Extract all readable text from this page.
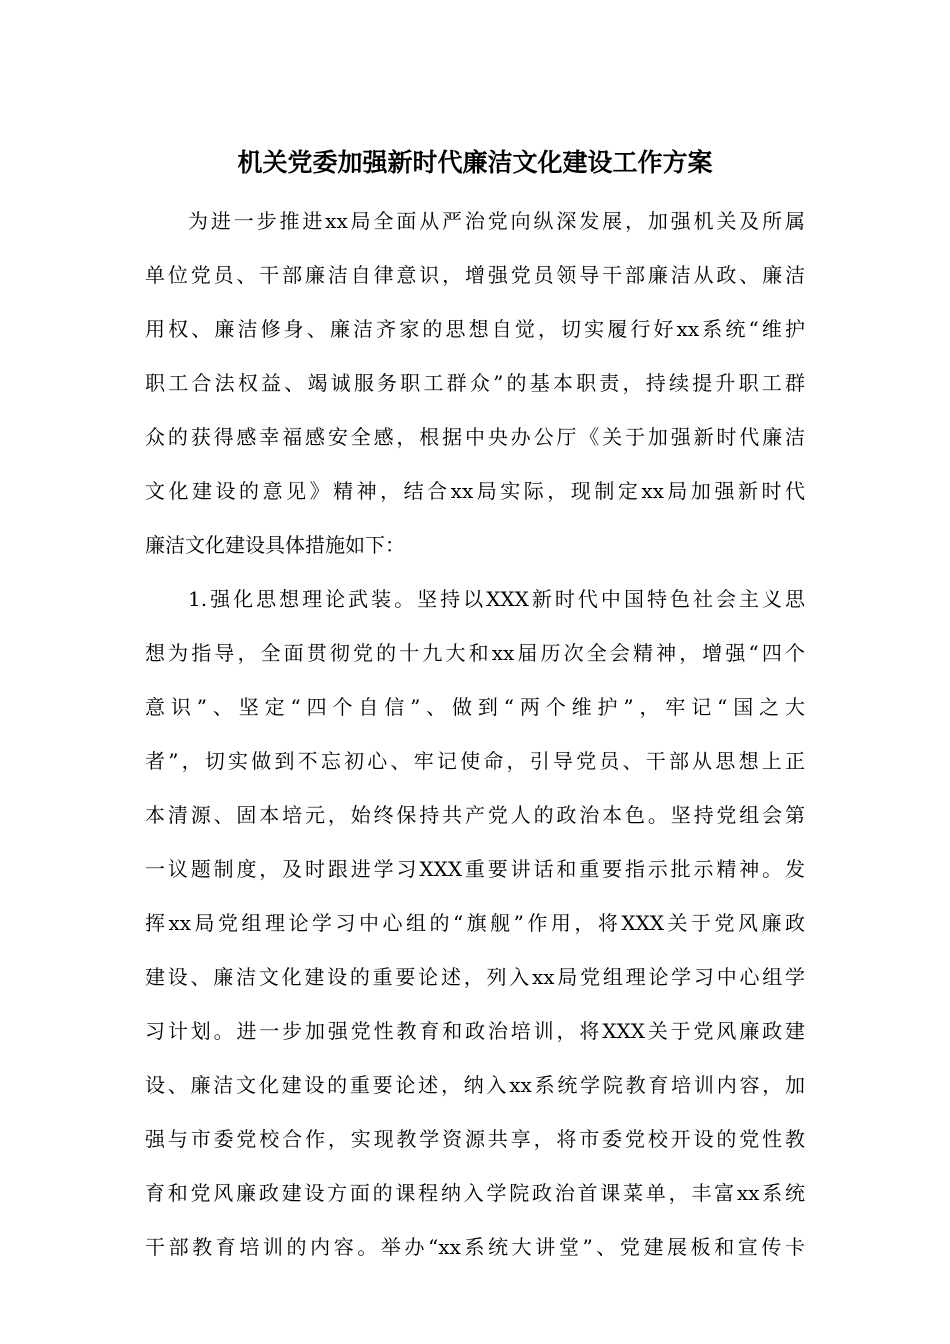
机关党委加强新时代廉洁文化建设工作方案
为进一步推进xx局全面从严治党向纵深发展，加强机关及所属
单位党员、干部廉洁自律意识，增强党员领导干部廉洁从政、廉洁
用权、廉洁修身、廉洁齐家的思想自觉，切实履行好xx系统“维护
职工合法权益、竭诚服务职工群众”的基本职责，持续提升职工群
众的获得感幸福感安全感，根据中央办公厅《关于加强新时代廉洁
文化建设的意见》精神，结合xx局实际，现制定xx局加强新时代
廉洁文化建设具体措施如下：
1.强化思想理论武装。坚持以XXX新时代中国特色社会主义思
想为指导，全面贯彻党的十九大和xx届历次全会精神，增强“四个
意识”、坚定“四个自信”、做到“两个维护”，牢记“国之大
者”，切实做到不忘初心、牢记使命，引导党员、干部从思想上正
本清源、固本培元，始终保持共产党人的政治本色。坚持党组会第
一议题制度，及时跟进学习XXX重要讲话和重要指示批示精神。发
挥xx局党组理论学习中心组的“旗舰”作用，将XXX关于党风廉政
建设、廉洁文化建设的重要论述，列入xx局党组理论学习中心组学
习计划。进一步加强党性教育和政治培训，将XXX关于党风廉政建
设、廉洁文化建设的重要论述，纳入xx系统学院教育培训内容，加
强与市委党校合作，实现教学资源共享，将市委党校开设的党性教
育和党风廉政建设方面的课程纳入学院政治首课菜单，丰富xx系统
干部教育培训的内容。举办“xx系统大讲堂”、党建展板和宣传卡
